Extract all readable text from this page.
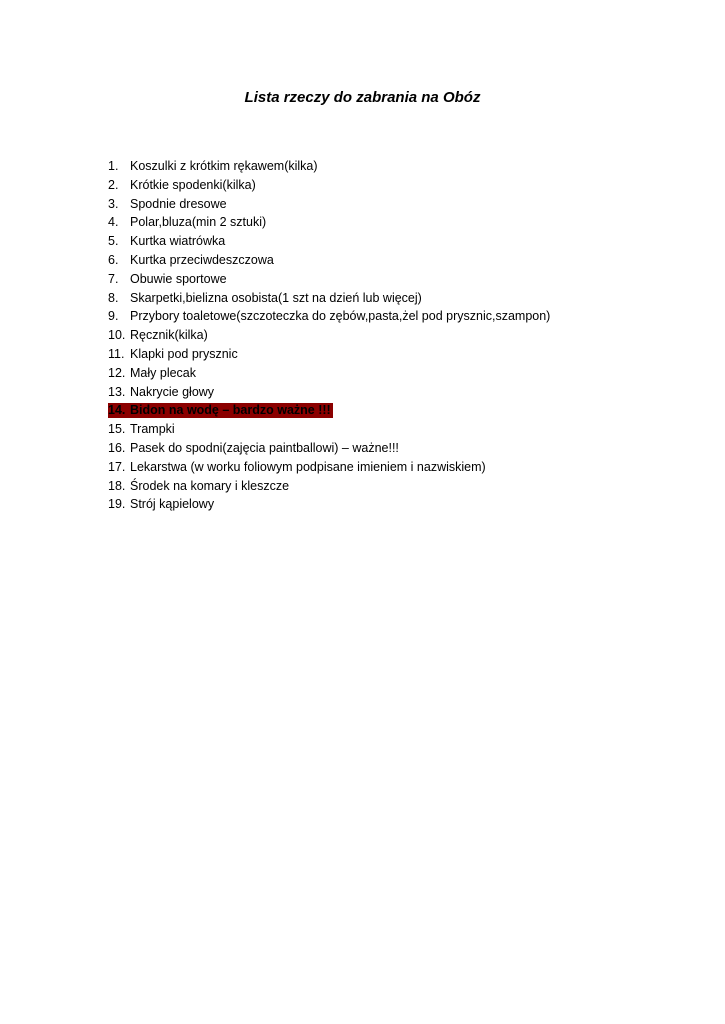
Lista rzeczy do zabrania na Obóz
1. Koszulki z krótkim rękawem(kilka)
2. Krótkie spodenki(kilka)
3. Spodnie dresowe
4. Polar,bluza(min 2 sztuki)
5. Kurtka wiatrówka
6. Kurtka przeciwdeszczowa
7. Obuwie sportowe
8. Skarpetki,bielizna osobista(1 szt na dzień lub więcej)
9. Przybory toaletowe(szczoteczka do zębów,pasta,żel pod prysznic,szampon)
10. Ręcznik(kilka)
11. Klapki pod prysznic
12. Mały plecak
13. Nakrycie głowy
14. Bidon na wodę – bardzo ważne !!!
15. Trampki
16. Pasek do spodni(zajęcia paintballowi) – ważne!!!
17. Lekarstwa (w worku foliowym podpisane imieniem i nazwiskiem)
18. Środek na komary i kleszcze
19. Strój kąpielowy
